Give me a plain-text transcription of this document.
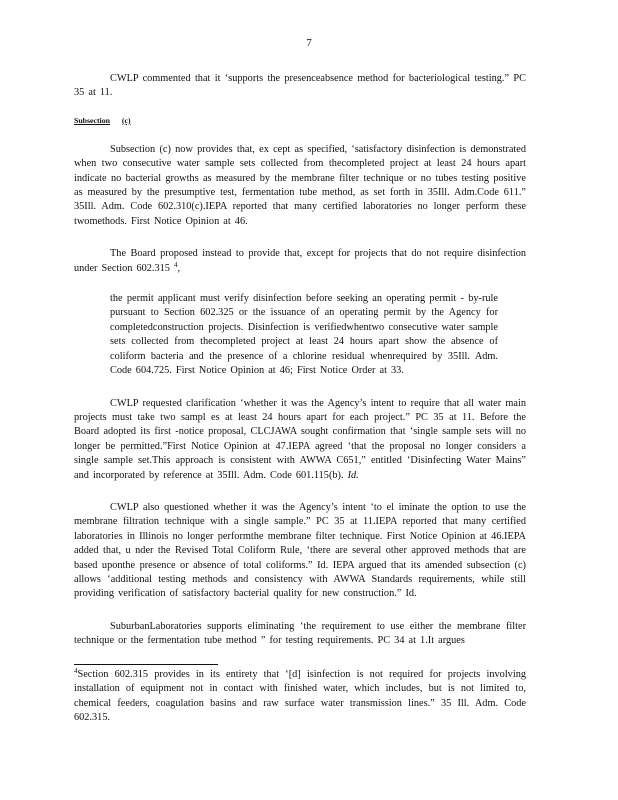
7

CWLP commented that it ‘supports the presenceabsence method for bacteriological testing.” PC 35 at 11.

Subsection (c)

Subsection (c) now provides that, ex cept as specified, ‘satisfactory disinfection is demonstrated when two consecutive water sample sets collected from thecompleted project at least 24 hours apart indicate no bacterial growths as measured by the membrane filter technique or no tubes testing positive as measured by the presumptive test, fermentation tube method, as set forth in 35Ill. Adm.Code 611.” 35Ill. Adm. Code 602.310(c).IEPA reported that many certified laboratories no longer perform these twomethods. First Notice Opinion at 46.

The Board proposed instead to provide that, except for projects that do not require disinfection under Section 602.315 $^4$,

the permit applicant must verify disinfection before seeking an operating permit - by-rule pursuant to Section 602.325 or the issuance of an operating permit by the Agency for completedconstruction projects. Disinfection is verifiedwhentwo consecutive water sample sets collected from thecompleted project at least 24 hours apart show the absence of coliform bacteria and the presence of a chlorine residual whenrequired by 35Ill. Adm. Code 604.725. First Notice Opinion at 46; First Notice Order at 33.

CWLP requested clarification ‘whether it was the Agency’s intent to require that all water main projects must take two sampl es at least 24 hours apart for each project.” PC 35 at 11. Before the Board adopted its first -notice proposal, CLCJAWA sought confirmation that ‘single sample sets will no longer be permitted.”First Notice Opinion at 47.IEPA agreed ‘that the proposal no longer considers a single sample set.This approach is consistent with AWWA C651,” entitled ‘Disinfecting Water Mains” and incorporated by reference at 35Ill. Adm. Code 601.115(b). Id.

CWLP also questioned whether it was the Agency’s intent ‘to el iminate the option to use the membrane filtration technique with a single sample.” PC 35 at 11.IEPA reported that many certified laboratories in Illinois no longer performthe membrane filter technique. First Notice Opinion at 46.IEPA added that, u nder the Revised Total Coliform Rule, ‘there are several other approved methods that are based uponthe presence or absence of total coliforms.” Id. IEPA argued that its amended subsection (c) allows ‘additional testing methods and consistency with AWWA Standards requirements, while still providing verification of satisfactory bacterial quality for new construction.” Id.

SuburbanLaboratories supports eliminating ‘the requirement to use either the membrane filter technique or the fermentation tube method ” for testing requirements. PC 34 at 1.It argues

$^4$Section 602.315 provides in its entirety that ‘[d] isinfection is not required for projects involving installation of equipment not in contact with finished water, which includes, but is not limited to, chemical feeders, coagulation basins and raw surface water transmission lines.” 35 Ill. Adm. Code 602.315.
